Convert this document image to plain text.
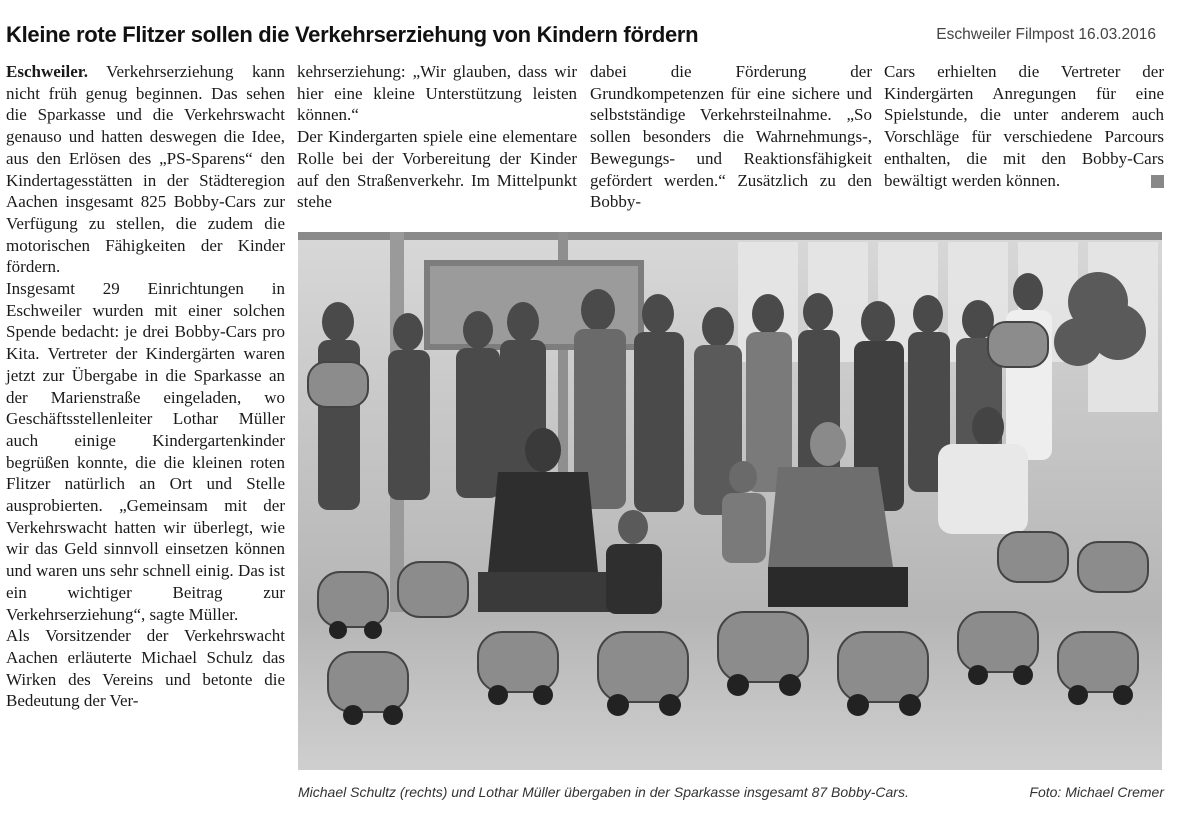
Kleine rote Flitzer sollen die Verkehrserziehung von Kindern fördern	Eschweiler Filmpost 16.03.2016

Eschweiler. Verkehrserziehung kann nicht früh genug beginnen. Das sehen die Sparkasse und die Verkehrswacht genauso und hatten deswegen die Idee, aus den Erlösen des „PS-Sparens“ den Kindertagesstätten in der Städteregion Aachen insgesamt 825 Bobby-Cars zur Verfügung zu stellen, die zudem die motorischen Fähigkeiten der Kinder fördern.

Insgesamt 29 Einrichtungen in Eschweiler wurden mit einer solchen Spende bedacht: je drei Bobby-Cars pro Kita. Vertreter der Kindergärten waren jetzt zur Übergabe in die Sparkasse an der Marienstraße eingeladen, wo Geschäftsstellenleiter Lothar Müller auch einige Kindergartenkinder begrüßen konnte, die die kleinen roten Flitzer natürlich an Ort und Stelle ausprobierten. „Gemeinsam mit der Verkehrswacht hatten wir überlegt, wie wir das Geld sinnvoll einsetzen können und waren uns sehr schnell einig. Das ist ein wichtiger Beitrag zur Verkehrserziehung“, sagte Müller.

Als Vorsitzender der Verkehrswacht Aachen erläuterte Michael Schulz das Wirken des Vereins und betonte die Bedeutung der Ver-

kehrserziehung: „Wir glauben, dass wir hier eine kleine Unterstützung leisten können.“

Der Kindergarten spiele eine elementare Rolle bei der Vorbereitung der Kinder auf den Straßenverkehr. Im Mittelpunkt stehe

dabei die Förderung der Grundkompetenzen für eine sichere und selbstständige Verkehrsteilnahme. „So sollen besonders die Wahrnehmungs-, Bewegungs- und Reaktionsfähigkeit gefördert werden.“ Zusätzlich zu den Bobby-

Cars erhielten die Vertreter der Kindergärten Anregungen für eine Spielstunde, die unter anderem auch Vorschläge für verschiedene Parcours enthalten, die mit den Bobby-Cars bewältigt werden können.

Michael Schultz (rechts) und Lothar Müller übergaben in der Sparkasse insgesamt 87 Bobby-Cars.	Foto: Michael Cremer
